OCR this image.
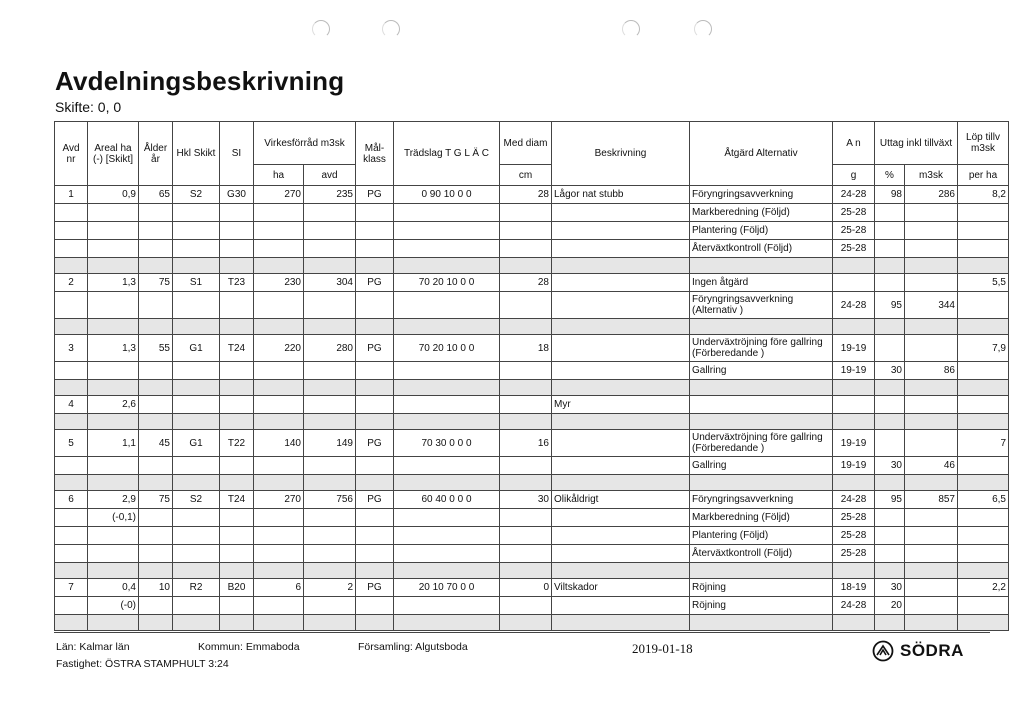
Avdelningsbeskrivning
Skifte: 0, 0
Avd nr	Areal ha (-) [Skikt]	Ålder år	Hkl Skikt	SI	Virkesförråd m3sk		Mål- klass	Trädslag T G L Ä C	Med diam	Beskrivning	Åtgärd Alternativ	A n	Uttag inkl tillväxt		Löp tillv m3sk
					ha	avd			cm			g	%	m3sk	per ha
1	0,9	65	S2	G30	270	235	PG	0 90 10 0 0	28	Lågor nat stubb	Föryngringsavverkning	24-28	98	286	8,2
											Markberedning (Följd)	25-28			
											Plantering (Följd)	25-28			
											Återväxtkontroll (Följd)	25-28			

2	1,3	75	S1	T23	230	304	PG	70 20 10 0 0	28		Ingen åtgärd				5,5
											Föryngringsavverkning (Alternativ )	24-28	95	344	

3	1,3	55	G1	T24	220	280	PG	70 20 10 0 0	18		Underväxtröjning före gallring (Förberedande )	19-19			7,9
											Gallring	19-19	30	86	

4	2,6									Myr					

5	1,1	45	G1	T22	140	149	PG	70 30 0 0 0	16		Underväxtröjning före gallring (Förberedande )	19-19			7
											Gallring	19-19	30	46	

6	2,9	75	S2	T24	270	756	PG	60 40 0 0 0	30	Olikåldrigt	Föryngringsavverkning	24-28	95	857	6,5
	(-0,1)										Markberedning (Följd)	25-28			
											Plantering (Följd)	25-28			
											Återväxtkontroll (Följd)	25-28			

7	0,4	10	R2	B20	6	2	PG	20 10 70 0 0	0	Viltskador	Röjning	18-19	30		2,2
	(-0)										Röjning	24-28	20		

Län: Kalmar län	Kommun: Emmaboda	Församling: Algutsboda
Fastighet: ÖSTRA STAMPHULT 3:24
2019-01-18	SÖDRA
